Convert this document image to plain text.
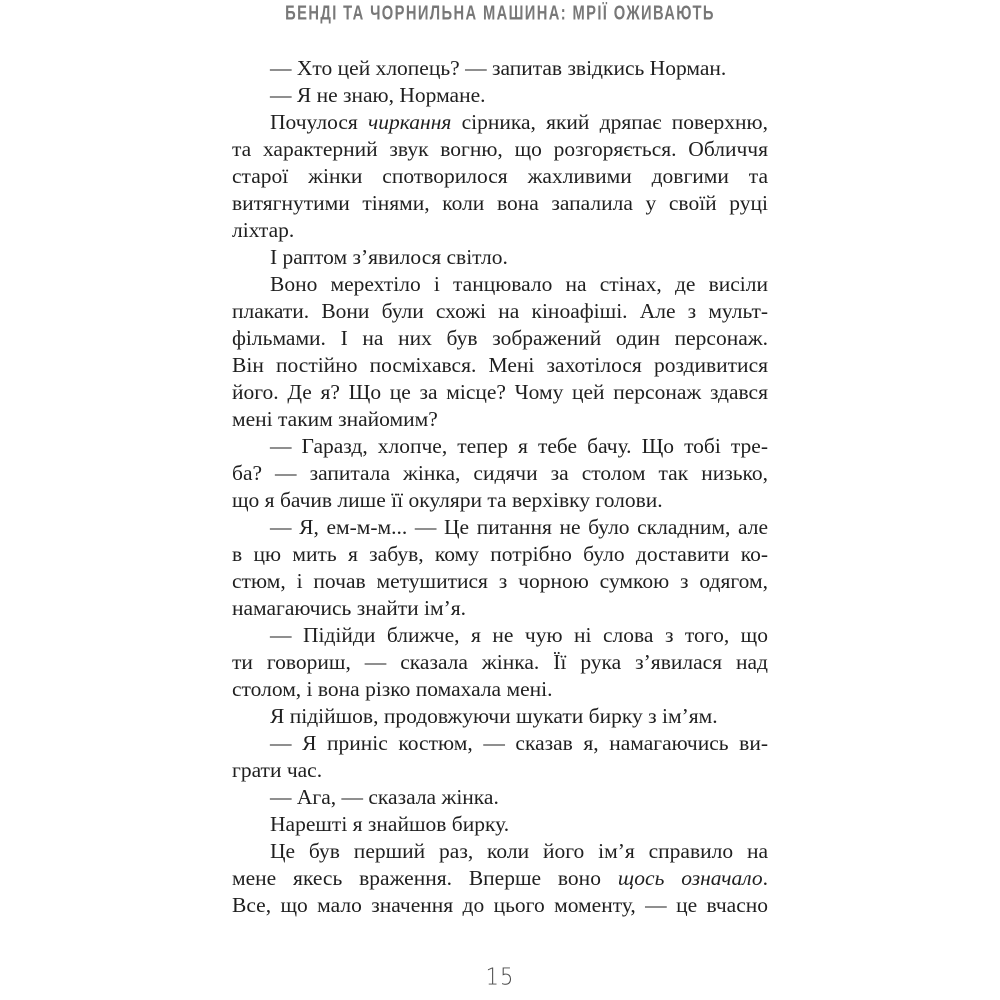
БЕНДІ ТА ЧОРНИЛЬНА МАШИНА: МРІЇ ОЖИВАЮТЬ
— Хто цей хлопець? — запитав звідкись Норман.
— Я не знаю, Нормане.
Почулося чиркання сірника, який дряпає поверхню,
та характерний звук вогню, що розгоряється. Обличчя
старої жінки спотворилося жахливими довгими та
витягнутими тінями, коли вона запалила у своїй руці
ліхтар.
І раптом з’явилося світло.
Воно мерехтіло і танцювало на стінах, де висіли
плакати. Вони були схожі на кіноафіші. Але з мульт-
фільмами. І на них був зображений один персонаж.
Він постійно посміхався. Мені захотілося роздивитися
його. Де я? Що це за місце? Чому цей персонаж здався
мені таким знайомим?
— Гаразд, хлопче, тепер я тебе бачу. Що тобі тре-
ба? — запитала жінка, сидячи за столом так низько,
що я бачив лише її окуляри та верхівку голови.
— Я, ем-м-м... — Це питання не було складним, але
в цю мить я забув, кому потрібно було доставити ко-
стюм, і почав метушитися з чорною сумкою з одягом,
намагаючись знайти ім’я.
— Підійди ближче, я не чую ні слова з того, що
ти говориш, — сказала жінка. Її рука з’явилася над
столом, і вона різко помахала мені.
Я підійшов, продовжуючи шукати бирку з ім’ям.
— Я приніс костюм, — сказав я, намагаючись ви-
грати час.
— Ага, — сказала жінка.
Нарешті я знайшов бирку.
Це був перший раз, коли його ім’я справило на
мене якесь враження. Вперше воно щось означало.
Все, що мало значення до цього моменту, — це вчасно
15
